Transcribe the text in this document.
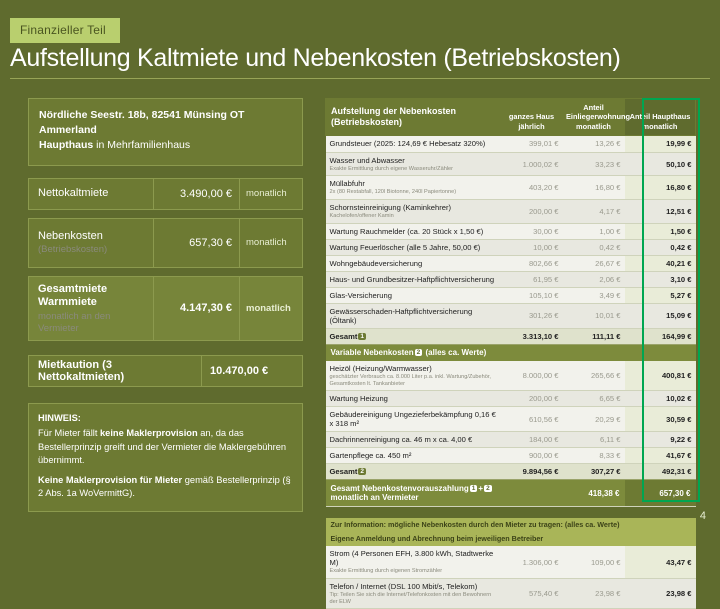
Finanzieller Teil
Aufstellung Kaltmiete und Nebenkosten (Betriebskosten)
Nördliche Seestr. 18b, 82541 Münsing OT Ammerland
Haupthaus in Mehrfamilienhaus
Nettokaltmiete	3.490,00 €	monatlich
Nebenkosten
(Betriebskosten)
657,30 €	monatlich
Gesamtmiete Warmmiete
monatlich an den Vermieter
4.147,30 €	monatlich
Mietkaution (3 Nettokaltmieten)	10.470,00 €
HINWEIS:
Für Mieter fällt keine Maklerprovision an, da das Bestellerprinzip greift und der Vermieter die Maklergebühren übernimmt.
Keine Maklerprovision für Mieter gemäß Bestellerprinzip (§ 2 Abs. 1a WoVermittG).
Aufstellung der Nebenkosten (Betriebskosten)	ganzes Haus jährlich	Anteil Einliegerwohnung monatlich	Anteil Haupthaus monatlich
Grundsteuer (2025: 124,69 € Hebesatz 320%)	399,01 €	13,26 €	19,99 €
Wasser und Abwasser
Exakte Ermittlung durch eigene Wasseruhr/Zähler	1.000,02 €	33,23 €	50,10 €
Müllabfuhr
2x (80 Restabfall, 120l Biotonne, 240l Papiertonne)	403,20 €	16,80 €	16,80 €
Schornsteinreinigung (Kaminkehrer)
Kachelofen/offener Kamin	200,00 €	4,17 €	12,51 €
Wartung Rauchmelder (ca. 20 Stück x 1,50 €)	30,00 €	1,00 €	1,50 €
Wartung Feuerlöscher (alle 5 Jahre, 50,00 €)	10,00 €	0,42 €	0,42 €
Wohngebäudeversicherung	802,66 €	26,67 €	40,21 €
Haus- und Grundbesitzer-Haftpflichtversicherung	61,95 €	2,06 €	3,10 €
Glas-Versicherung	105,10 €	3,49 €	5,27 €
Gewässerschaden-Haftpflichtversicherung (Öltank)	301,26 €	10,01 €	15,09 €
Gesamt 1	3.313,10 €	111,11 €	164,99 €
Variable Nebenkosten 2 (alles ca. Werte)			
Heizöl (Heizung/Warmwasser)
geschätzter Verbrauch ca. 8.000 Liter p.a. inkl. Wartung/Zubehör, Gesamtkosten lt. Tankanbieter	8.000,00 €	265,66 €	400,81 €
Wartung Heizung	200,00 €	6,65 €	10,02 €
Gebäudereinigung Ungezieferbekämpfung 0,16 € x 318 m²	610,56 €	20,29 €	30,59 €
Dachrinnenreinigung ca. 46 m x ca. 4,00 €	184,00 €	6,11 €	9,22 €
Gartenpflege ca. 450 m²	900,00 €	8,33 €	41,67 €
Gesamt 2	9.894,56 €	307,27 €	492,31 €
Gesamt Nebenkostenvorauszahlung 1 + 2 monatlich an Vermieter		418,38 €	657,30 €

Zur Information: mögliche Nebenkosten durch den Mieter zu tragen: (alles ca. Werte)			
Eigene Anmeldung und Abrechnung beim jeweiligen Betreiber			
Strom (4 Personen EFH, 3.800 kWh, Stadtwerke M)
Exakte Ermittlung durch eigenen Stromzähler	1.306,00 €	109,00 €	43,47 €
Telefon / Internet (DSL 100 Mbit/s, Telekom)
Tip: Teilen Sie sich die Internet/Telefonkosten mit den Bewohnern der ELW	575,40 €	23,98 €	23,98 €
4
